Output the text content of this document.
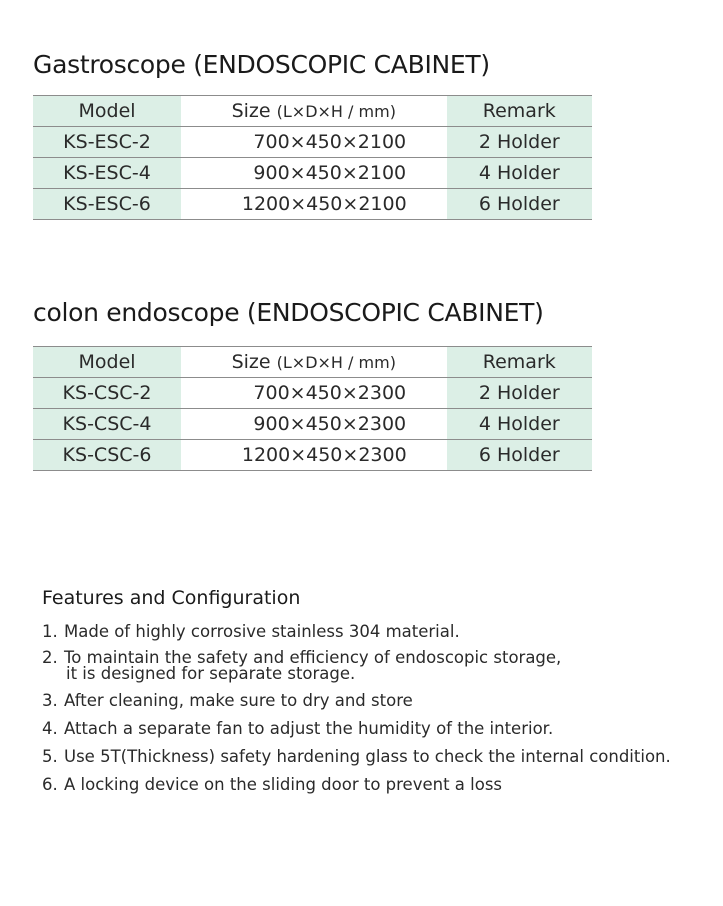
Gastroscope (ENDOSCOPIC CABINET)
Model	Size (L×D×H / mm)	Remark
KS-ESC-2	700×450×2100	2 Holder
KS-ESC-4	900×450×2100	4 Holder
KS-ESC-6	1200×450×2100	6 Holder
colon endoscope (ENDOSCOPIC CABINET)
Model	Size (L×D×H / mm)	Remark
KS-CSC-2	700×450×2300	2 Holder
KS-CSC-4	900×450×2300	4 Holder
KS-CSC-6	1200×450×2300	6 Holder
Features and Configuration
1. Made of highly corrosive stainless 304 material.
2. To maintain the safety and efficiency of endoscopic storage,
it is designed for separate storage.
3. After cleaning, make sure to dry and store
4. Attach a separate fan to adjust the humidity of the interior.
5. Use 5T(Thickness) safety hardening glass to check the internal condition.
6. A locking device on the sliding door to prevent a loss
